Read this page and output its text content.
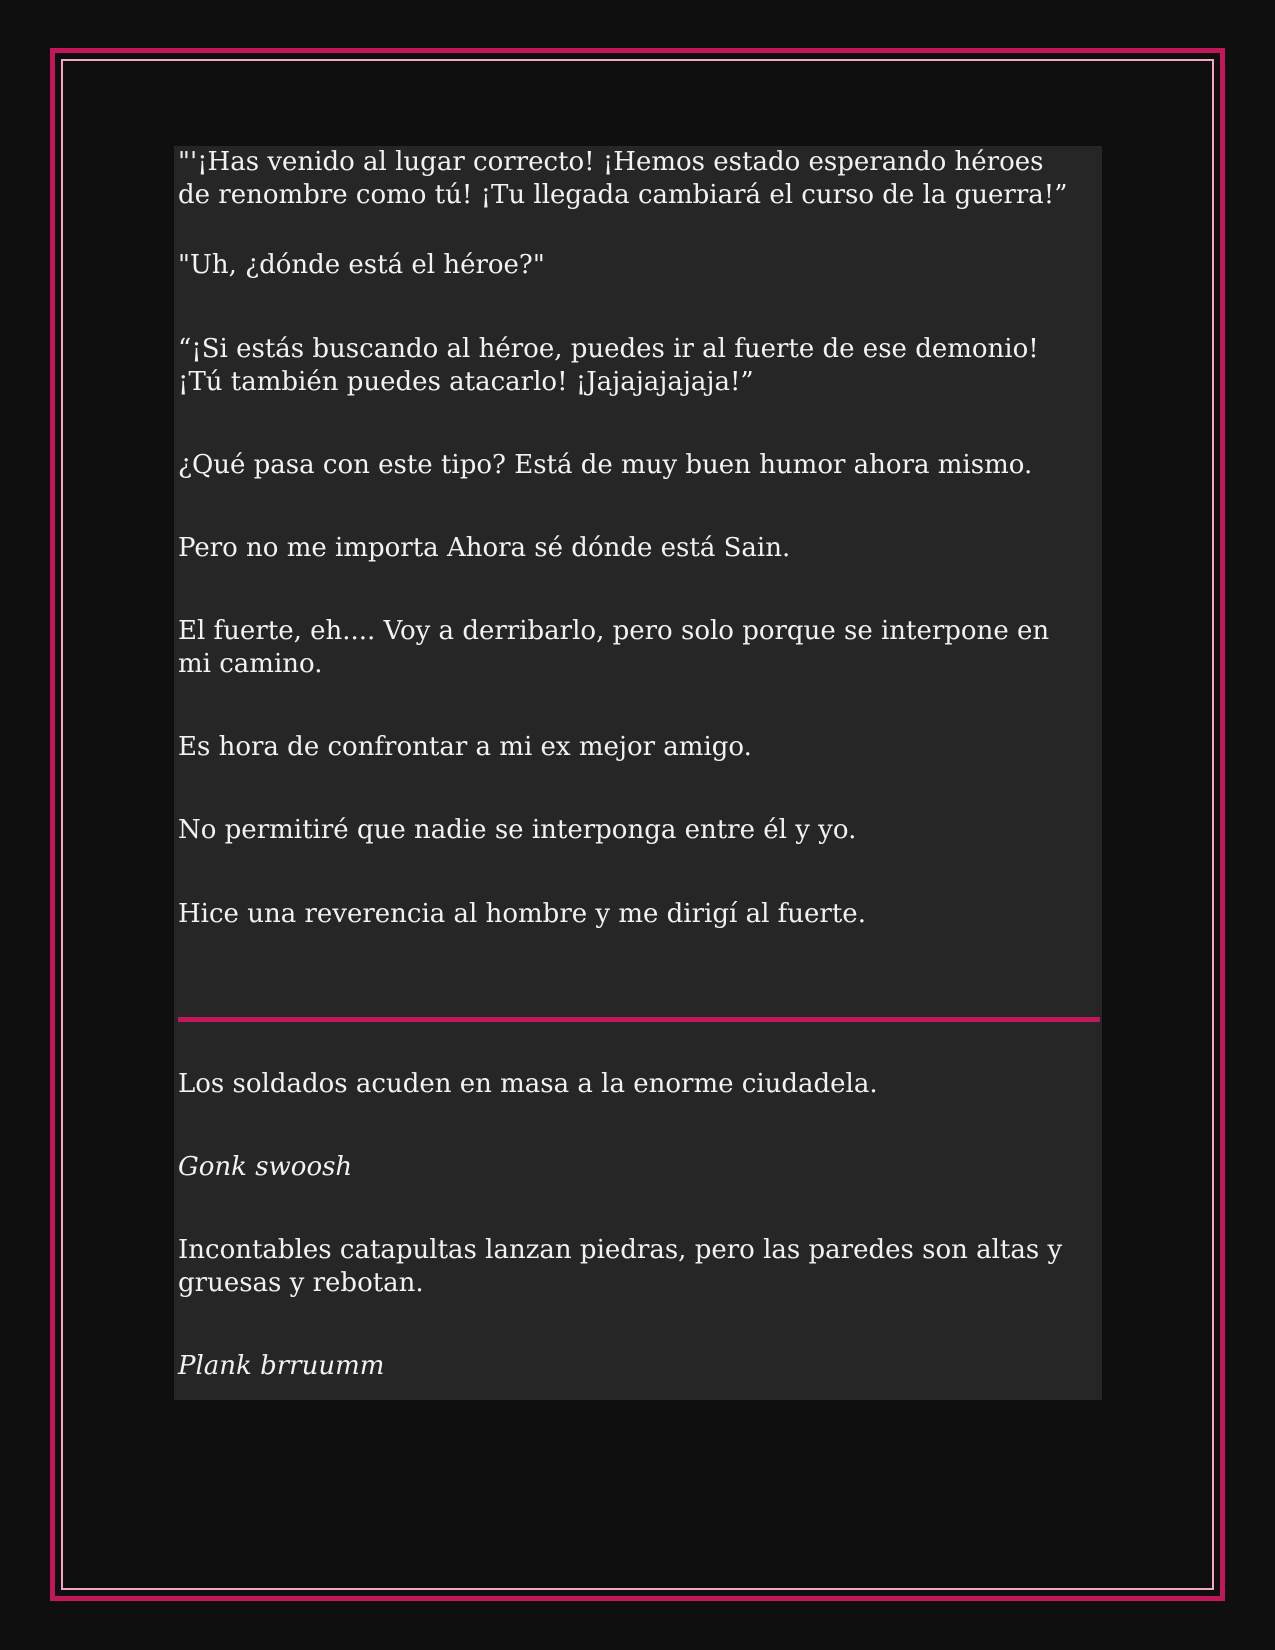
"'¡Has venido al lugar correcto! ¡Hemos estado esperando héroes de renombre como tú! ¡Tu llegada cambiará el curso de la guerra!”

"Uh, ¿dónde está el héroe?"

“¡Si estás buscando al héroe, puedes ir al fuerte de ese demonio! ¡Tú también puedes atacarlo! ¡Jajajajajaja!”

¿Qué pasa con este tipo? Está de muy buen humor ahora mismo.

Pero no me importa Ahora sé dónde está Sain.

El fuerte, eh.... Voy a derribarlo, pero solo porque se interpone en mi camino.

Es hora de confrontar a mi ex mejor amigo.

No permitiré que nadie se interponga entre él y yo.

Hice una reverencia al hombre y me dirigí al fuerte.

Los soldados acuden en masa a la enorme ciudadela.

Gonk swoosh

Incontables catapultas lanzan piedras, pero las paredes son altas y gruesas y rebotan.

Plank brruumm
